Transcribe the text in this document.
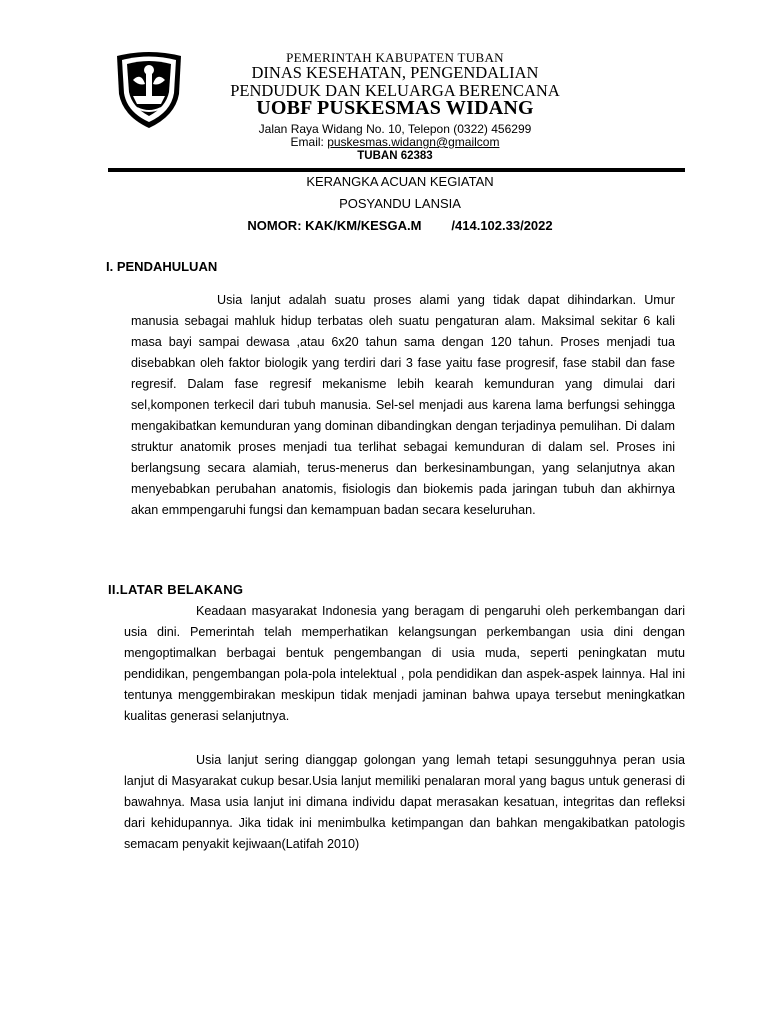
PEMERINTAH KABUPATEN TUBAN
DINAS KESEHATAN, PENGENDALIAN
PENDUDUK DAN KELUARGA BERENCANA
UOBF PUSKESMAS WIDANG
Jalan Raya Widang No. 10, Telepon (0322) 456299
Email: puskesmas.widangn@gmailcom
TUBAN 62383
KERANGKA ACUAN KEGIATAN
POSYANDU LANSIA
NOMOR: KAK/KM/KESGA.M /414.102.33/2022
I. PENDAHULUAN

Usia lanjut adalah suatu proses alami yang tidak dapat dihindarkan. Umur manusia sebagai mahluk hidup terbatas oleh suatu pengaturan alam. Maksimal sekitar 6 kali masa bayi sampai dewasa ,atau 6x20 tahun sama dengan 120 tahun. Proses menjadi tua disebabkan oleh faktor biologik yang terdiri dari 3 fase yaitu fase progresif, fase stabil dan fase regresif. Dalam fase regresif mekanisme lebih kearah kemunduran yang dimulai dari sel,komponen terkecil dari tubuh manusia. Sel-sel menjadi aus karena lama berfungsi sehingga mengakibatkan kemunduran yang dominan dibandingkan dengan terjadinya pemulihan. Di dalam struktur anatomik proses menjadi tua terlihat sebagai kemunduran di dalam sel. Proses ini berlangsung secara alamiah, terus-menerus dan berkesinambungan, yang selanjutnya akan menyebabkan perubahan anatomis, fisiologis dan biokemis pada jaringan tubuh dan akhirnya akan emmpengaruhi fungsi dan kemampuan badan secara keseluruhan.

II.LATAR BELAKANG

Keadaan masyarakat Indonesia yang beragam di pengaruhi oleh perkembangan dari usia dini. Pemerintah telah memperhatikan kelangsungan perkembangan usia dini dengan mengoptimalkan berbagai bentuk pengembangan di usia muda, seperti peningkatan mutu pendidikan, pengembangan pola-pola intelektual , pola pendidikan dan aspek-aspek lainnya. Hal ini tentunya menggembirakan meskipun tidak menjadi jaminan bahwa upaya tersebut meningkatkan kualitas generasi selanjutnya.

Usia lanjut sering dianggap golongan yang lemah tetapi sesungguhnya peran usia lanjut di Masyarakat cukup besar.Usia lanjut memiliki penalaran moral yang bagus untuk generasi di bawahnya. Masa usia lanjut ini dimana individu dapat merasakan kesatuan, integritas dan refleksi dari kehidupannya. Jika tidak ini menimbulka ketimpangan dan bahkan mengakibatkan patologis semacam penyakit kejiwaan(Latifah 2010)
